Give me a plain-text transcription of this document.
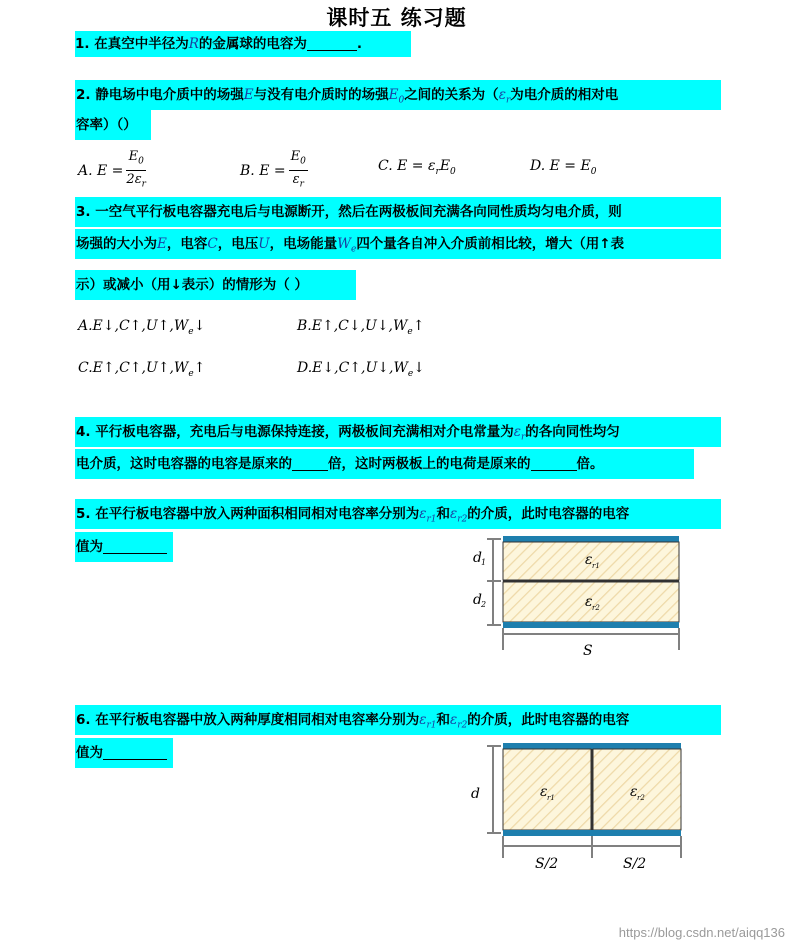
课时五 练习题
1. 在真空中半径为R的金属球的电容为	.
2. 静电场中电介质中的场强E与没有电介质时的场强$E_0$之间的关系为（$\varepsilon_r$为电介质的相对电
容率）（）
A. $E = \frac{E_0}{2\varepsilon_r}$	B. $E = \frac{E_0}{\varepsilon_r}$	C. $E = \varepsilon_rE_0$	D. $E = E_0$
3. 一空气平行板电容器充电后与电源断开，然后在两极板间充满各向同性质均匀电介质，则
场强的大小为E，电容C，电压U，电场能量$W_e$四个量各自冲入介质前相比较，增大（用↑表
示）或减小（用↓表示）的情形为（ ）
$A.E↓,C↑,U↑,W_e↓$	$B.E↑,C↓,U↓,W_e↑$
$C.E↑,C↑,U↑,W_e↑$	$D.E↓,C↑,U↓,W_e↓$
4. 平行板电容器，充电后与电源保持连接，两极板间充满相对介电常量为$\varepsilon_r$的各向同性均匀
电介质，这时电容器的电容是原来的	倍，这时两极板上的电荷是原来的	倍。
5. 在平行板电容器中放入两种面积相同相对电容率分别为$\varepsilon_{r1}$和$\varepsilon_{r2}$的介质，此时电容器的电容
值为
d 1
d 2
ε r1
ε r2
S
6. 在平行板电容器中放入两种厚度相同相对电容率分别为$\varepsilon_{r1}$和$\varepsilon_{r2}$的介质，此时电容器的电容
值为
d	ε r1	ε r2
S/2	S/2
https://blog.csdn.net/aiqq136
